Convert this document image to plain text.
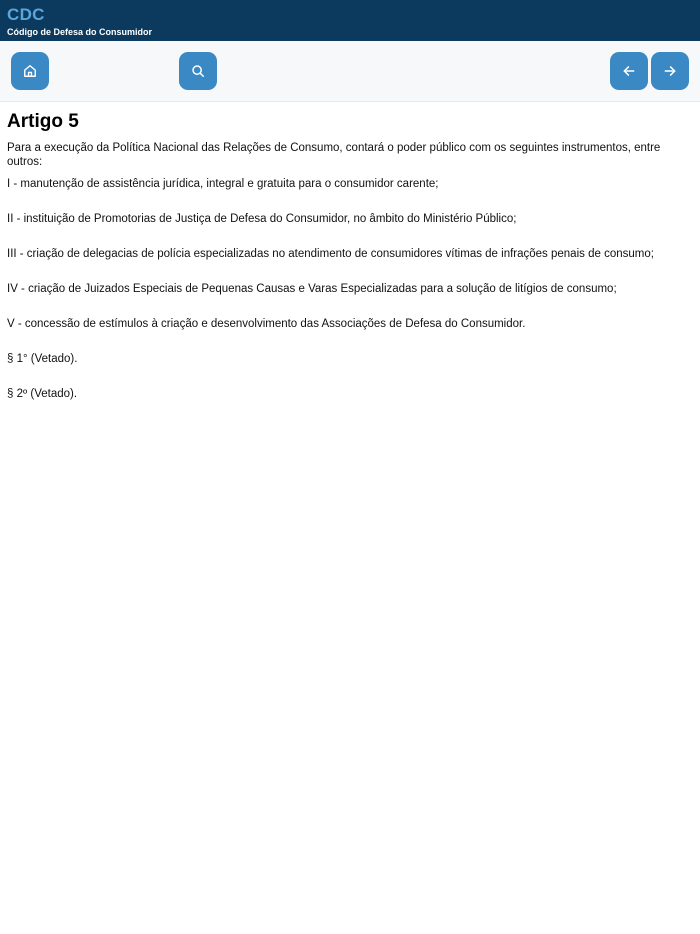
CDC
Código de Defesa do Consumidor
Artigo 5
Para a execução da Política Nacional das Relações de Consumo, contará o poder público com os seguintes instrumentos, entre outros:
I - manutenção de assistência jurídica, integral e gratuita para o consumidor carente;
II - instituição de Promotorias de Justiça de Defesa do Consumidor, no âmbito do Ministério Público;
III - criação de delegacias de polícia especializadas no atendimento de consumidores vítimas de infrações penais de consumo;
IV - criação de Juizados Especiais de Pequenas Causas e Varas Especializadas para a solução de litígios de consumo;
V - concessão de estímulos à criação e desenvolvimento das Associações de Defesa do Consumidor.
§ 1° (Vetado).
§ 2º (Vetado).
